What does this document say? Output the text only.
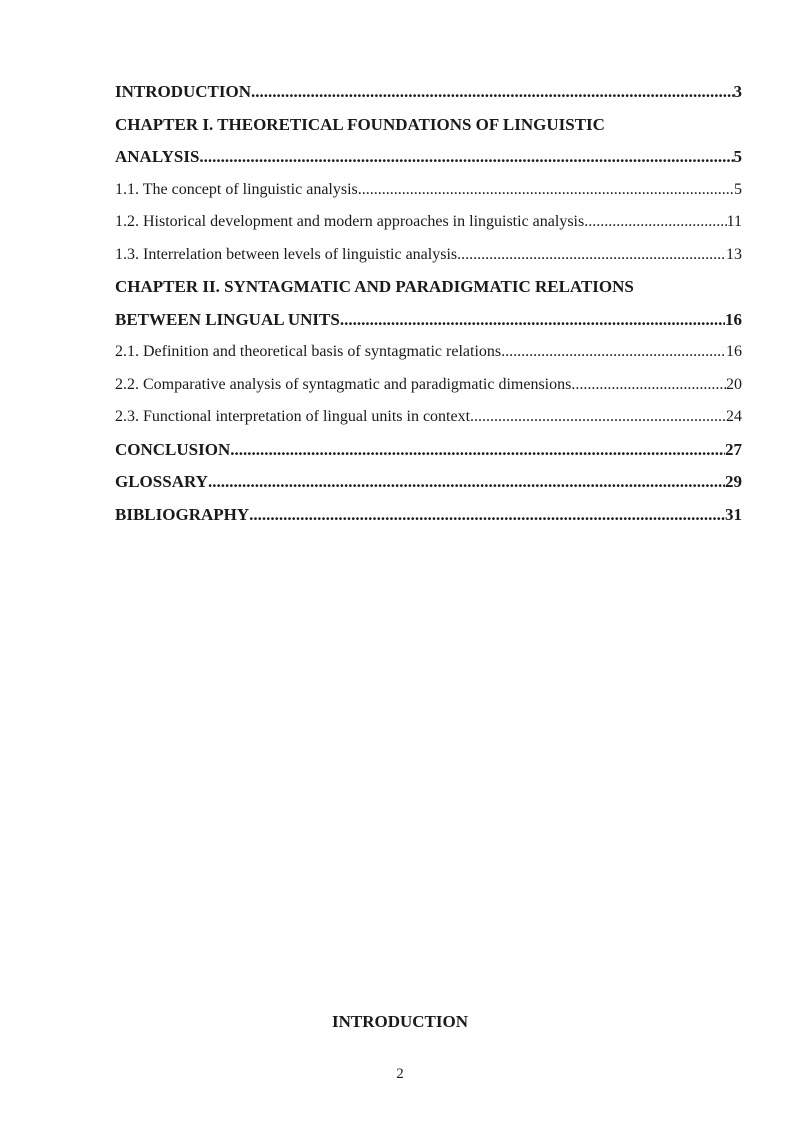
INTRODUCTION .....	3
CHAPTER I. THEORETICAL FOUNDATIONS OF LINGUISTIC
ANALYSIS .....	5
1.1. The concept of linguistic analysis .....	5
1.2. Historical development and modern approaches in linguistic analysis .....	11
1.3. Interrelation between levels of linguistic analysis .....	13
CHAPTER II. SYNTAGMATIC AND PARADIGMATIC RELATIONS
BETWEEN LINGUAL UNITS .....	16
2.1. Definition and theoretical basis of syntagmatic relations .....	16
2.2. Comparative analysis of syntagmatic and paradigmatic dimensions .....	20
2.3. Functional interpretation of lingual units in context .....	24
CONCLUSION .....	27
GLOSSARY .....	29
BIBLIOGRAPHY .....	31
INTRODUCTION
2
